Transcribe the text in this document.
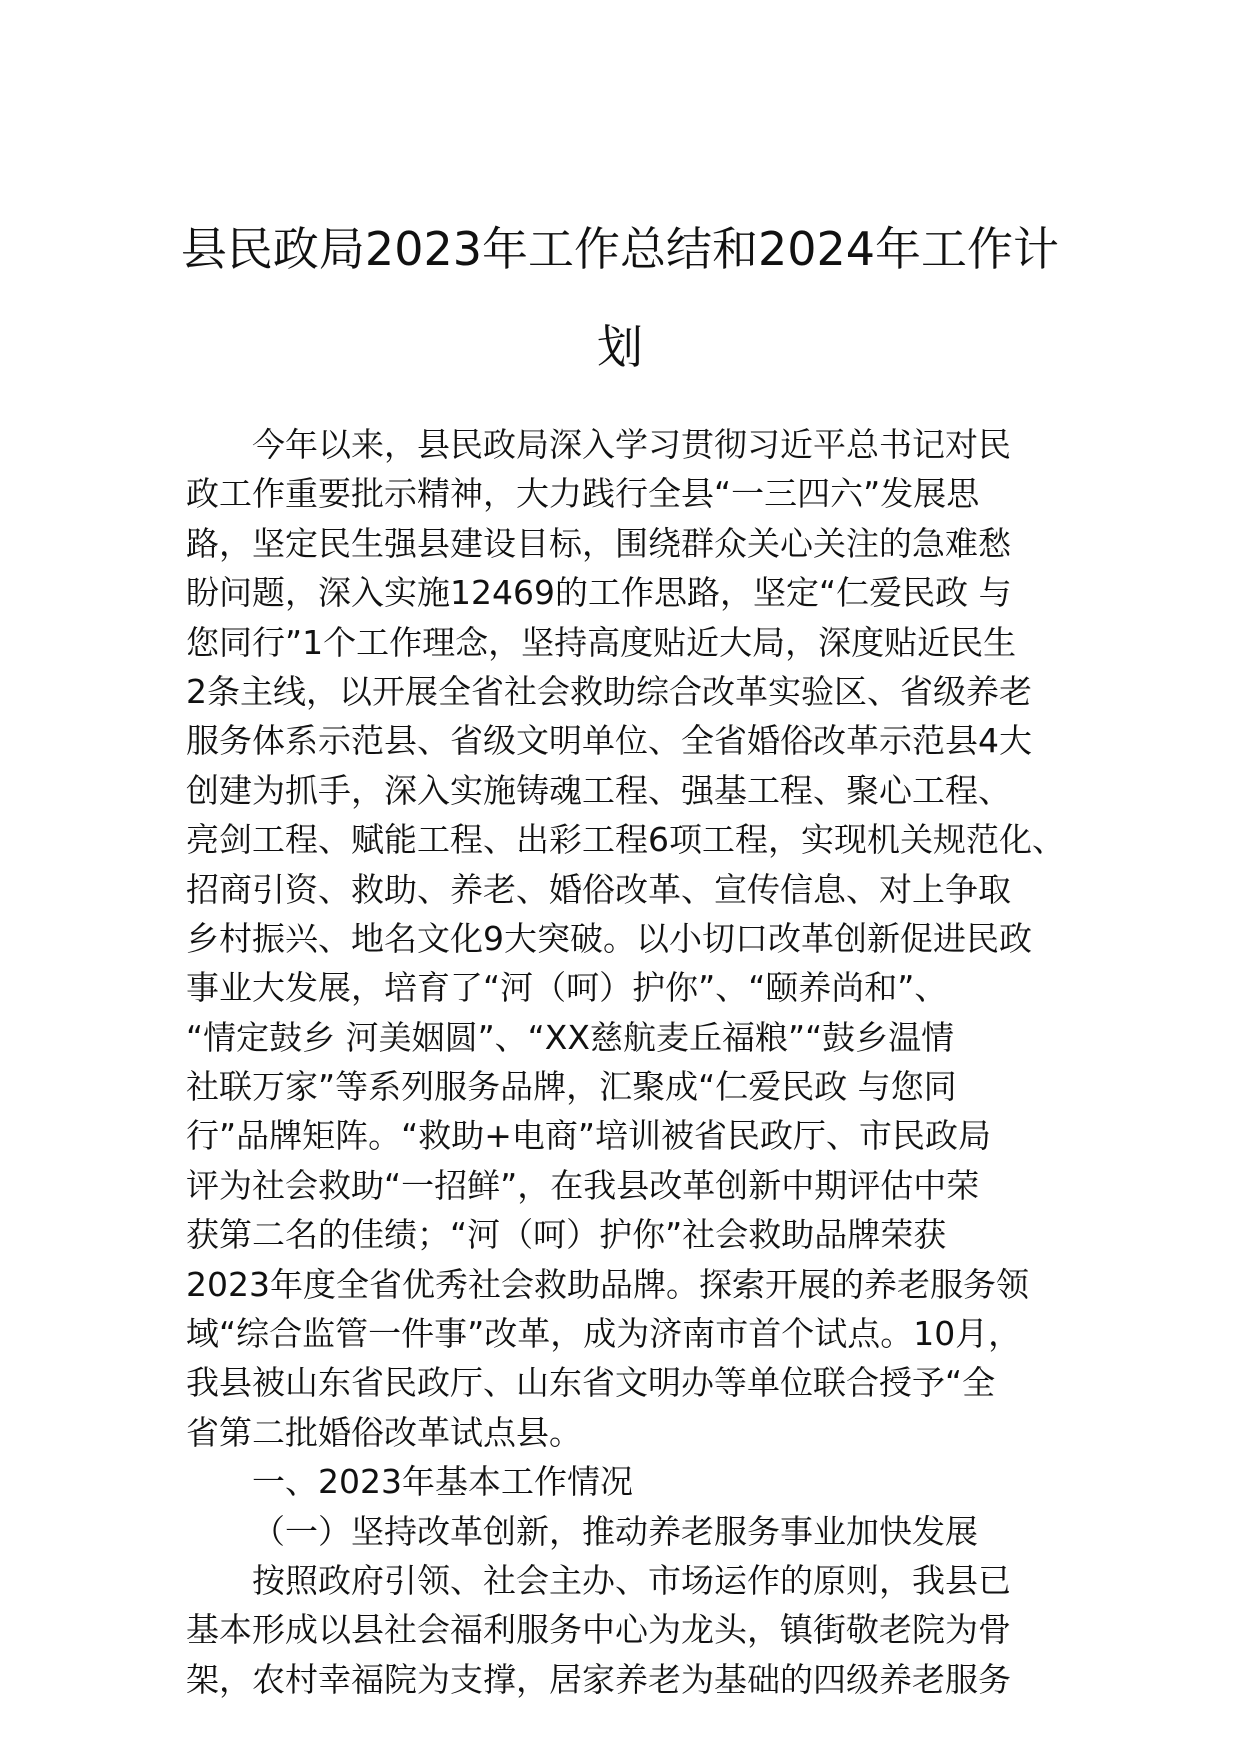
县民政局2023年工作总结和2024年工作计
划
今年以来，县民政局深入学习贯彻习近平总书记对民
政工作重要批示精神，大力践行全县“一三四六”发展思
路，坚定民生强县建设目标，围绕群众关心关注的急难愁
盼问题，深入实施12469的工作思路，坚定“仁爱民政 与
您同行”1个工作理念，坚持高度贴近大局，深度贴近民生
2条主线，以开展全省社会救助综合改革实验区、省级养老
服务体系示范县、省级文明单位、全省婚俗改革示范县4大
创建为抓手，深入实施铸魂工程、强基工程、聚心工程、
亮剑工程、赋能工程、出彩工程6项工程，实现机关规范化、
招商引资、救助、养老、婚俗改革、宣传信息、对上争取
乡村振兴、地名文化9大突破。以小切口改革创新促进民政
事业大发展，培育了“河（呵）护你”、“颐养尚和”、
“情定鼓乡 河美姻圆”、“XX慈航麦丘福粮”“鼓乡温情
社联万家”等系列服务品牌，汇聚成“仁爱民政 与您同
行”品牌矩阵。“救助+电商”培训被省民政厅、市民政局
评为社会救助“一招鲜”，在我县改革创新中期评估中荣
获第二名的佳绩；“河（呵）护你”社会救助品牌荣获
2023年度全省优秀社会救助品牌。探索开展的养老服务领
域“综合监管一件事”改革，成为济南市首个试点。10月，
我县被山东省民政厅、山东省文明办等单位联合授予“全
省第二批婚俗改革试点县。
一、2023年基本工作情况
（一）坚持改革创新，推动养老服务事业加快发展
按照政府引领、社会主办、市场运作的原则，我县已
基本形成以县社会福利服务中心为龙头，镇街敬老院为骨
架，农村幸福院为支撑，居家养老为基础的四级养老服务
